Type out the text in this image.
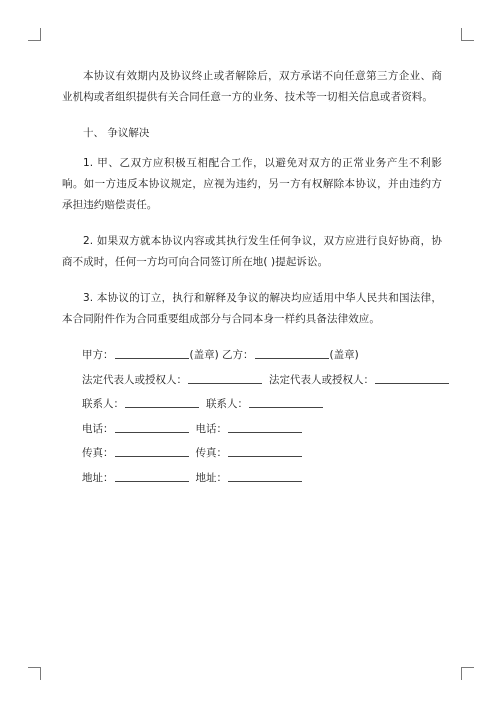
本协议有效期内及协议终止或者解除后，双方承诺不向任意第三方企业、商业机构或者组织提供有关合同任意一方的业务、技术等一切相关信息或者资料。

十、 争议解决

1. 甲、乙双方应积极互相配合工作，以避免对双方的正常业务产生不利影响。如一方违反本协议规定，应视为违约，另一方有权解除本协议，并由违约方承担违约赔偿责任。

2. 如果双方就本协议内容或其执行发生任何争议，双方应进行良好协商，协商不成时，任何一方均可向合同签订所在地( )提起诉讼。

3. 本协议的订立，执行和解释及争议的解决均应适用中华人民共和国法律，本合同附件作为合同重要组成部分与合同本身一样约具备法律效应。

甲方：	(盖章) 乙方：	(盖章)
法定代表人或授权人：	法定代表人或授权人：
联系人：	联系人：
电话：	电话：
传真：	传真：
地址：	地址：
